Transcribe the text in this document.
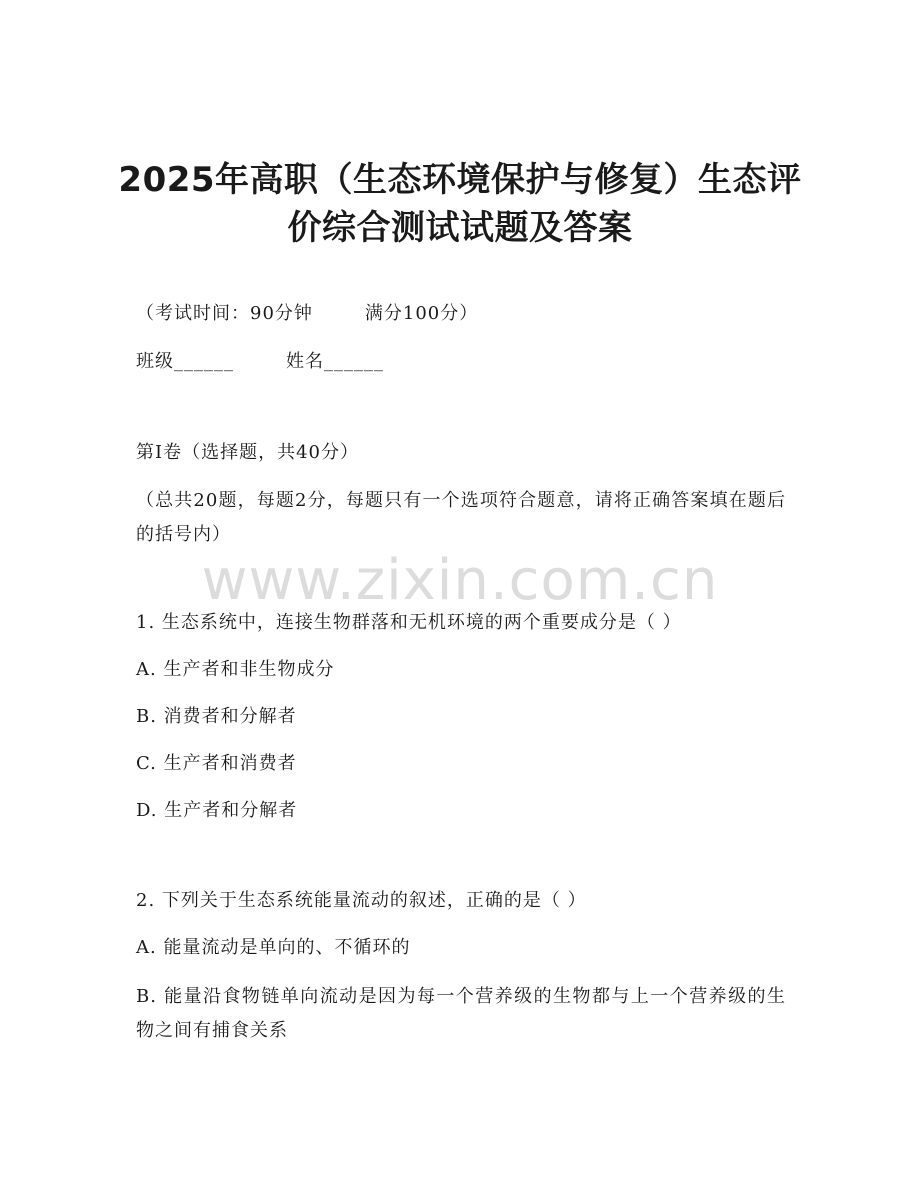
2025年高职（生态环境保护与修复）生态评
价综合测试试题及答案
（考试时间：90分钟	满分100分）
班级______	姓名______
第I卷（选择题，共40分）
（总共20题，每题2分，每题只有一个选项符合题意，请将正确答案填在题后的括号内）
www.zixin.com.cn
1. 生态系统中，连接生物群落和无机环境的两个重要成分是（ ）
A. 生产者和非生物成分
B. 消费者和分解者
C. 生产者和消费者
D. 生产者和分解者
2. 下列关于生态系统能量流动的叙述，正确的是（ ）
A. 能量流动是单向的、不循环的
B. 能量沿食物链单向流动是因为每一个营养级的生物都与上一个营养级的生物之间有捕食关系
